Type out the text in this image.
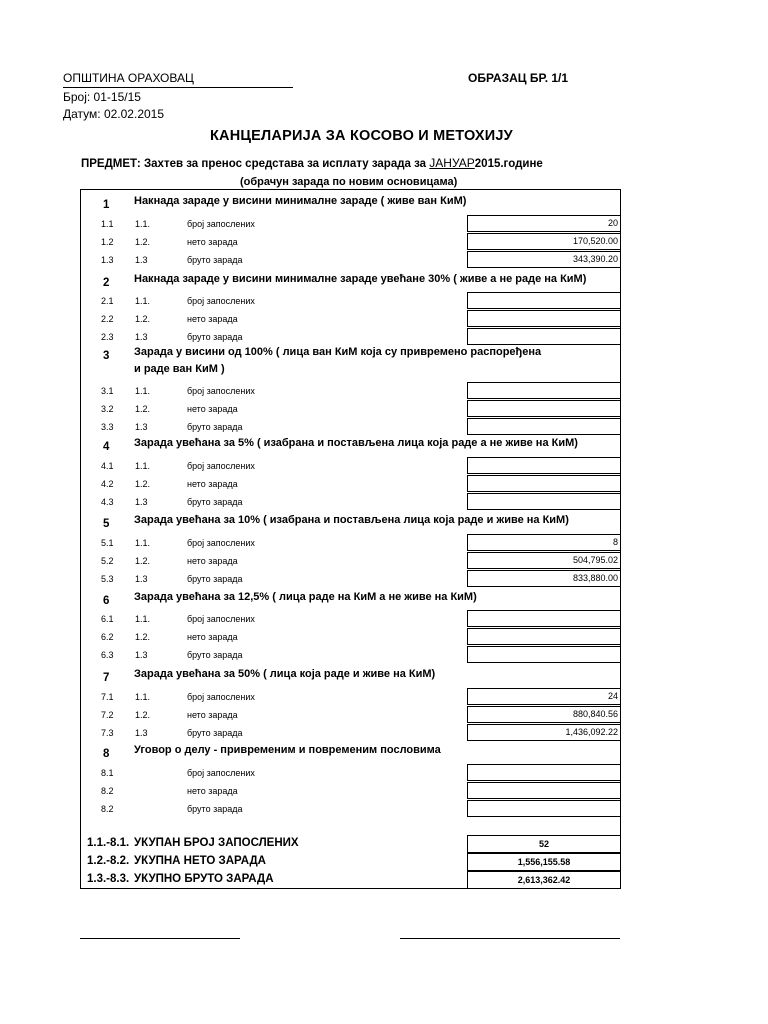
ОПШТИНА ОРАХОВАЦ	ОБРАЗАЦ БР. 1/1
Број: 01-15/15
Датум: 02.02.2015
КАНЦЕЛАРИЈА ЗА КОСОВО И МЕТОХИЈУ
ПРЕДМЕТ: Захтев за пренос средстава за исплату зарада за ЈАНУАР2015.године
(обрачун зарада по новим основицама)
1 Накнада зараде у висини минималне зараде ( живе ван КиМ)
1.1 1.1.	број запослених	20
1.2 1.2.	нето зарада	170,520.00
1.3 1.3	бруто зарада	343,390.20
2 Накнада зараде у висини минималне зараде увећане 30% ( живе а не раде на КиМ)
2.1 1.1.	број запослених
2.2 1.2.	нето зарада
2.3 1.3	бруто зарада
3 Зарада у висини од 100% ( лица ван КиМ која су привремено распоређена
и раде ван КиМ )
3.1 1.1.	број запослених
3.2 1.2.	нето зарада
3.3 1.3	бруто зарада
4 Зарада увећана за 5% ( изабрана и постављена лица која раде а не живе на КиМ)
4.1 1.1.	број запослених
4.2 1.2.	нето зарада
4.3 1.3	бруто зарада
5 Зарада увећана за 10% ( изабрана и постављена лица која раде и живе на КиМ)
5.1 1.1.	број запослених	8
5.2 1.2.	нето зарада	504,795.02
5.3 1.3	бруто зарада	833,880.00
6 Зарада увећана за 12,5% ( лица раде на КиМ а не живе на КиМ)
6.1 1.1.	број запослених
6.2 1.2.	нето зарада
6.3 1.3	бруто зарада
7 Зарада увећана за 50% ( лица која раде и живе на КиМ)
7.1 1.1.	број запослених	24
7.2 1.2.	нето зарада	880,840.56
7.3 1.3	бруто зарада	1,436,092.22
8 Уговор о делу - привременим и повременим пословима
8.1	број запослених
8.2	нето зарада
8.2	бруто зарада
1.1.-8.1. УКУПАН БРОЈ ЗАПОСЛЕНИХ	52
1.2.-8.2. УКУПНА НЕТО ЗАРАДА	1,556,155.58
1.3.-8.3. УКУПНО БРУТО ЗАРАДА	2,613,362.42
